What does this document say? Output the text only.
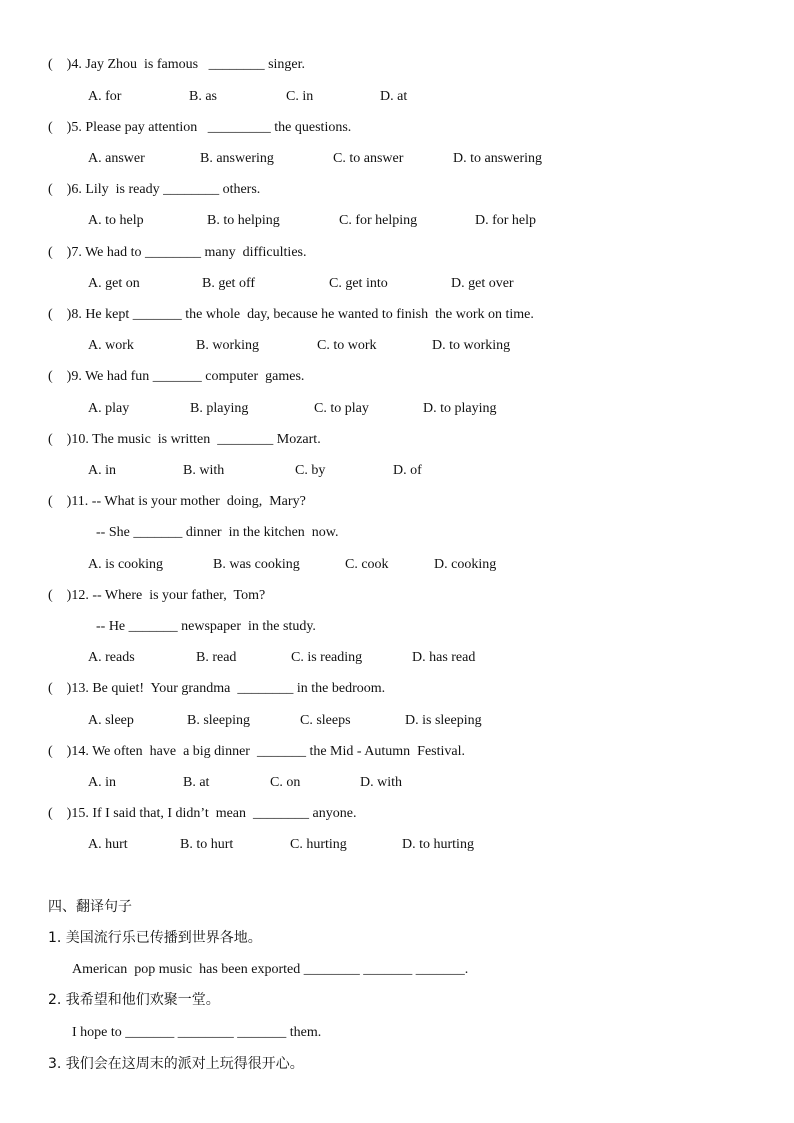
(    )4. Jay Zhou  is famous   ________ singer.
A. for	B. as	C. in	D. at
(    )5. Please pay attention   _________ the questions.
A. answer	B. answering	C. to answer	D. to answering
(    )6. Lily  is ready ________ others.
A. to help	B. to helping	C. for helping	D. for help
(    )7. We had to ________ many  difficulties.
A. get on	B. get off	C. get into	D. get over
(    )8. He kept _______ the whole  day, because he wanted to finish  the work on time.
A. work	B. working	C. to work	D. to working
(    )9. We had fun _______ computer  games.
A. play	B. playing	C. to play	D. to playing
(    )10. The music  is written  ________ Mozart.
A. in	B. with	C. by	D. of
(    )11. -- What is your mother  doing,  Mary?
-- She _______ dinner  in the kitchen  now.
A. is cooking	B. was cooking	C. cook	D. cooking
(    )12. -- Where  is your father,  Tom?
-- He _______ newspaper  in the study.
A. reads	B. read	C. is reading	D. has read
(    )13. Be quiet!  Your grandma  ________ in the bedroom.
A. sleep	B. sleeping	C. sleeps	D. is sleeping
(    )14. We often  have  a big dinner  _______ the Mid - Autumn  Festival.
A. in	B. at	C. on	D. with
(    )15. If I said that, I didn’t  mean  ________ anyone.
A. hurt	B. to hurt	C. hurting	D. to hurting
四、翻译句子
1. 美国流行乐已传播到世界各地。
American  pop music  has been exported ________ _______ _______.
2. 我希望和他们欢聚一堂。
I hope to _______ ________ _______ them.
3. 我们会在这周末的派对上玩得很开心。
